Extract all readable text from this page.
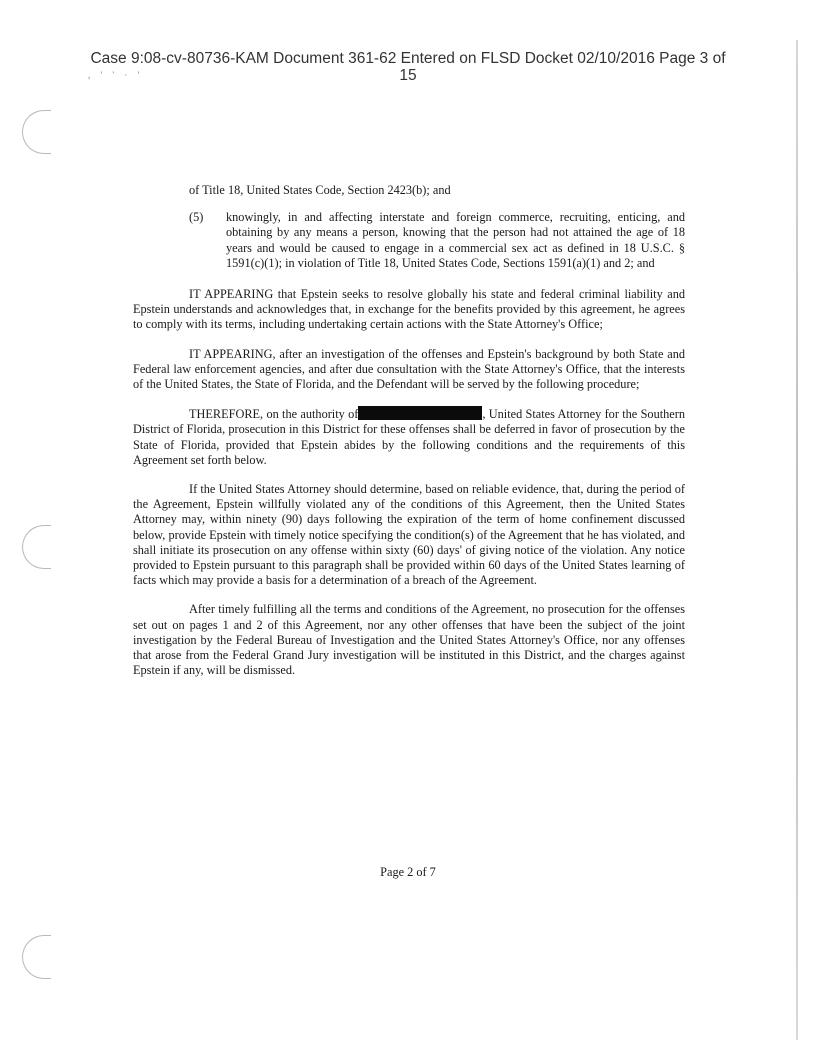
, ' ' · '
Case 9:08-cv-80736-KAM Document 361-62 Entered on FLSD Docket 02/10/2016 Page 3 of
15

of Title 18, United States Code, Section 2423(b); and

(5)	knowingly, in and affecting interstate and foreign commerce, recruiting, enticing, and obtaining by any means a person, knowing that the person had not attained the age of 18 years and would be caused to engage in a commercial sex act as defined in 18 U.S.C. § 1591(c)(1); in violation of Title 18, United States Code, Sections 1591(a)(1) and 2; and

IT APPEARING that Epstein seeks to resolve globally his state and federal criminal liability and Epstein understands and acknowledges that, in exchange for the benefits provided by this agreement, he agrees to comply with its terms, including undertaking certain actions with the State Attorney's Office;

IT APPEARING, after an investigation of the offenses and Epstein's background by both State and Federal law enforcement agencies, and after due consultation with the State Attorney's Office, that the interests of the United States, the State of Florida, and the Defendant will be served by the following procedure;

THEREFORE, on the authority of	, United States Attorney for the Southern District of Florida, prosecution in this District for these offenses shall be deferred in favor of prosecution by the State of Florida, provided that Epstein abides by the following conditions and the requirements of this Agreement set forth below.

If the United States Attorney should determine, based on reliable evidence, that, during the period of the Agreement, Epstein willfully violated any of the conditions of this Agreement, then the United States Attorney may, within ninety (90) days following the expiration of the term of home confinement discussed below, provide Epstein with timely notice specifying the condition(s) of the Agreement that he has violated, and shall initiate its prosecution on any offense within sixty (60) days' of giving notice of the violation. Any notice provided to Epstein pursuant to this paragraph shall be provided within 60 days of the United States learning of facts which may provide a basis for a determination of a breach of the Agreement.

After timely fulfilling all the terms and conditions of the Agreement, no prosecution for the offenses set out on pages 1 and 2 of this Agreement, nor any other offenses that have been the subject of the joint investigation by the Federal Bureau of Investigation and the United States Attorney's Office, nor any offenses that arose from the Federal Grand Jury investigation will be instituted in this District, and the charges against Epstein if any, will be dismissed.

Page 2 of 7
